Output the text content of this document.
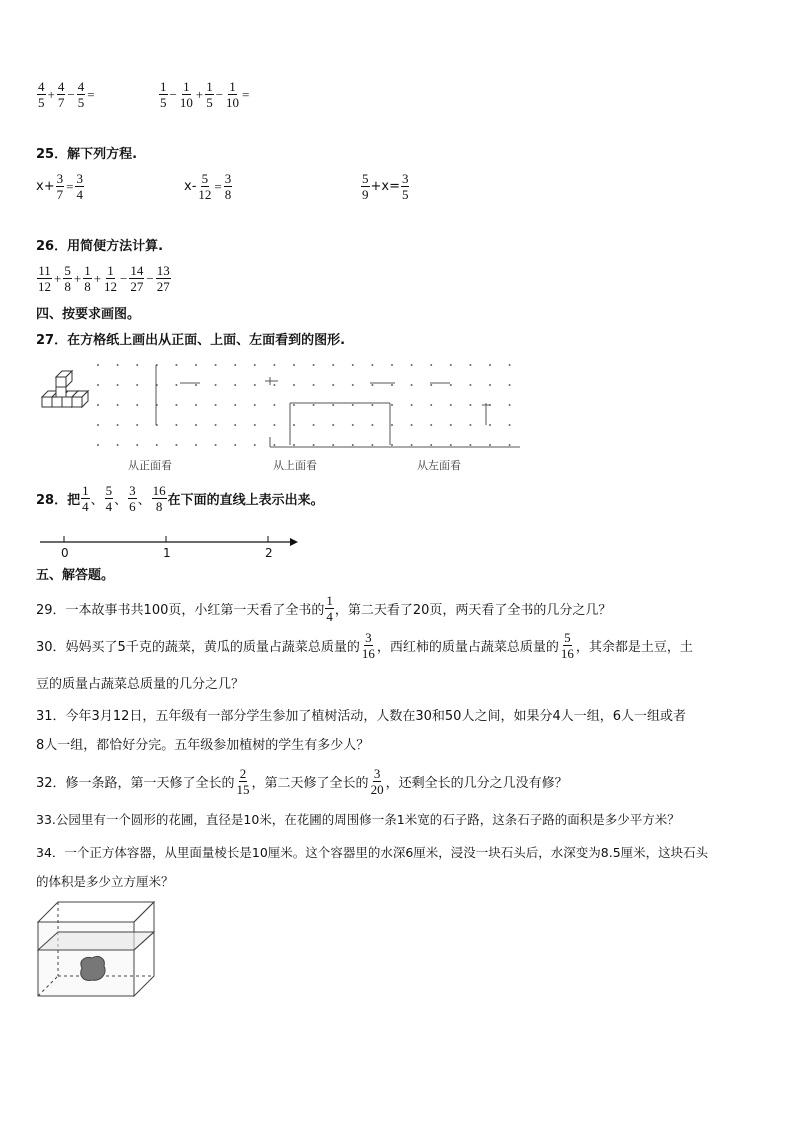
$\frac{4}{5} + \frac{4}{7} - \frac{4}{5}$ =	$\frac{1}{5} - \frac{1}{10} + \frac{1}{5} - \frac{1}{10}$ =
25．解下列方程.
$x+ \frac{3}{7} = \frac{3}{4}$	$x- \frac{5}{12} = \frac{3}{8}$	$\frac{5}{9} +x= \frac{3}{5}$
26．用简便方法计算.
$\frac{11}{12} + \frac{5}{8} + \frac{1}{8} + \frac{1}{12} - \frac{14}{27} - \frac{13}{27}$
四、按要求画图。
27．在方格纸上画出从正面、上面、左面看到的图形.
从正面看	从上面看	从左面看
28．把 $\frac{1}{4}$ 、 $\frac{5}{4}$ 、 $\frac{3}{6}$ 、 $\frac{16}{8}$ 在下面的直线上表示出来。
0	1	2
五、解答题。
29．一本故事书共100页，小红第一天看了全书的 $\frac{1}{4}$ ，第二天看了20页，两天看了全书的几分之几？
30．妈妈买了5千克的蔬菜，黄瓜的质量占蔬菜总质量的 $\frac{3}{16}$ ，西红柿的质量占蔬菜总质量的 $\frac{5}{16}$ ，其余都是土豆，土
豆的质量占蔬菜总质量的几分之几？
31．今年3月12日，五年级有一部分学生参加了植树活动，人数在30和50人之间，如果分4人一组，6人一组或者
8人一组，都恰好分完。五年级参加植树的学生有多少人？
32．修一条路，第一天修了全长的 $\frac{2}{15}$ ，第二天修了全长的 $\frac{3}{20}$ ，还剩全长的几分之几没有修？
33.公园里有一个圆形的花圃，直径是10米，在花圃的周围修一条1米宽的石子路，这条石子路的面积是多少平方米？
34．一个正方体容器，从里面量棱长是10厘米。这个容器里的水深6厘米，浸没一块石头后，水深变为8.5厘米，这块石头
的体积是多少立方厘米？
